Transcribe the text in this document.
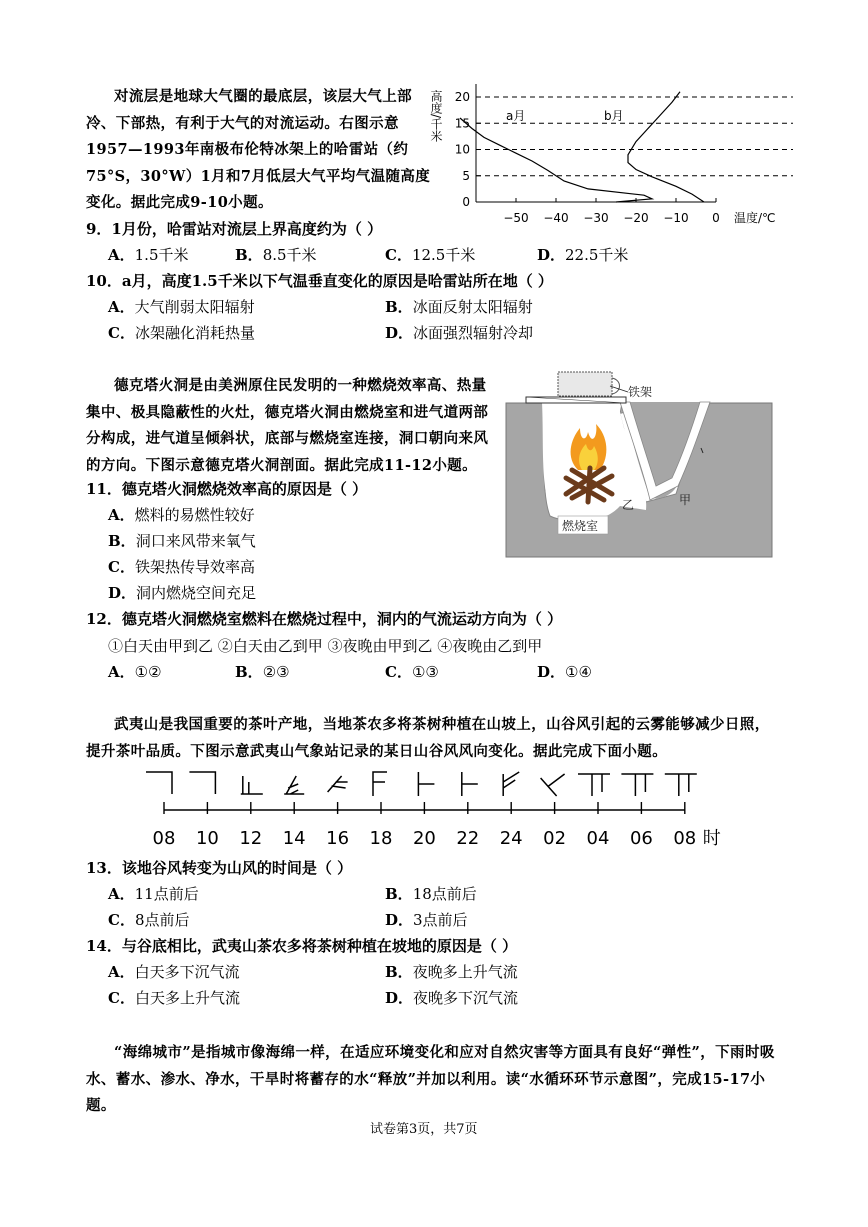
对流层是地球大气圈的最底层，该层大气上部冷、下部热，有利于大气的对流运动。右图示意1957—1993年南极布伦特冰架上的哈雷站（约75°S，30°W）1月和7月低层大气平均气温随高度变化。据此完成9-10小题。	0
5
10
15
20
−50 −40 −30 −20 −10 0 温度/℃
高度/千米	a月	b月
9．1月份，哈雷站对流层上界高度约为（ ）
A．1.5千米	B．8.5千米	C．12.5千米	D．22.5千米
10．a月，高度1.5千米以下气温垂直变化的原因是哈雷站所在地（ ）
A．大气削弱太阳辐射	B．冰面反射太阳辐射
C．冰架融化消耗热量	D．冰面强烈辐射冷却
德克塔火洞是由美洲原住民发明的一种燃烧效率高、热量集中、极具隐蔽性的火灶，德克塔火洞由燃烧室和进气道两部分构成，进气道呈倾斜状，底部与燃烧室连接，洞口朝向来风的方向。下图示意德克塔火洞剖面。据此完成11-12小题。
铁架
甲
乙
燃烧室
11．德克塔火洞燃烧效率高的原因是（ ）
A．燃料的易燃性较好
B．洞口来风带来氧气
C．铁架热传导效率高
D．洞内燃烧空间充足
12．德克塔火洞燃烧室燃料在燃烧过程中，洞内的气流运动方向为（ ）
①白天由甲到乙 ②白天由乙到甲 ③夜晚由甲到乙 ④夜晚由乙到甲
A．①②	B．②③	C．①③	D．①④
武夷山是我国重要的茶叶产地，当地茶农多将茶树种植在山坡上，山谷风引起的云雾能够减少日照，提升茶叶品质。下图示意武夷山气象站记录的某日山谷风风向变化。据此完成下面小题。
08 10 12 14 16 18 20 22 24 02 04 06 08 时
13．该地谷风转变为山风的时间是（ ）
A．11点前后	B．18点前后
C．8点前后	D．3点前后
14．与谷底相比，武夷山茶农多将茶树种植在坡地的原因是（ ）
A．白天多下沉气流	B．夜晚多上升气流
C．白天多上升气流	D．夜晚多下沉气流
“海绵城市”是指城市像海绵一样，在适应环境变化和应对自然灾害等方面具有良好“弹性”，下雨时吸水、蓄水、渗水、净水，干旱时将蓄存的水“释放”并加以利用。读“水循环环节示意图”，完成15-17小题。
试卷第3页，共7页
